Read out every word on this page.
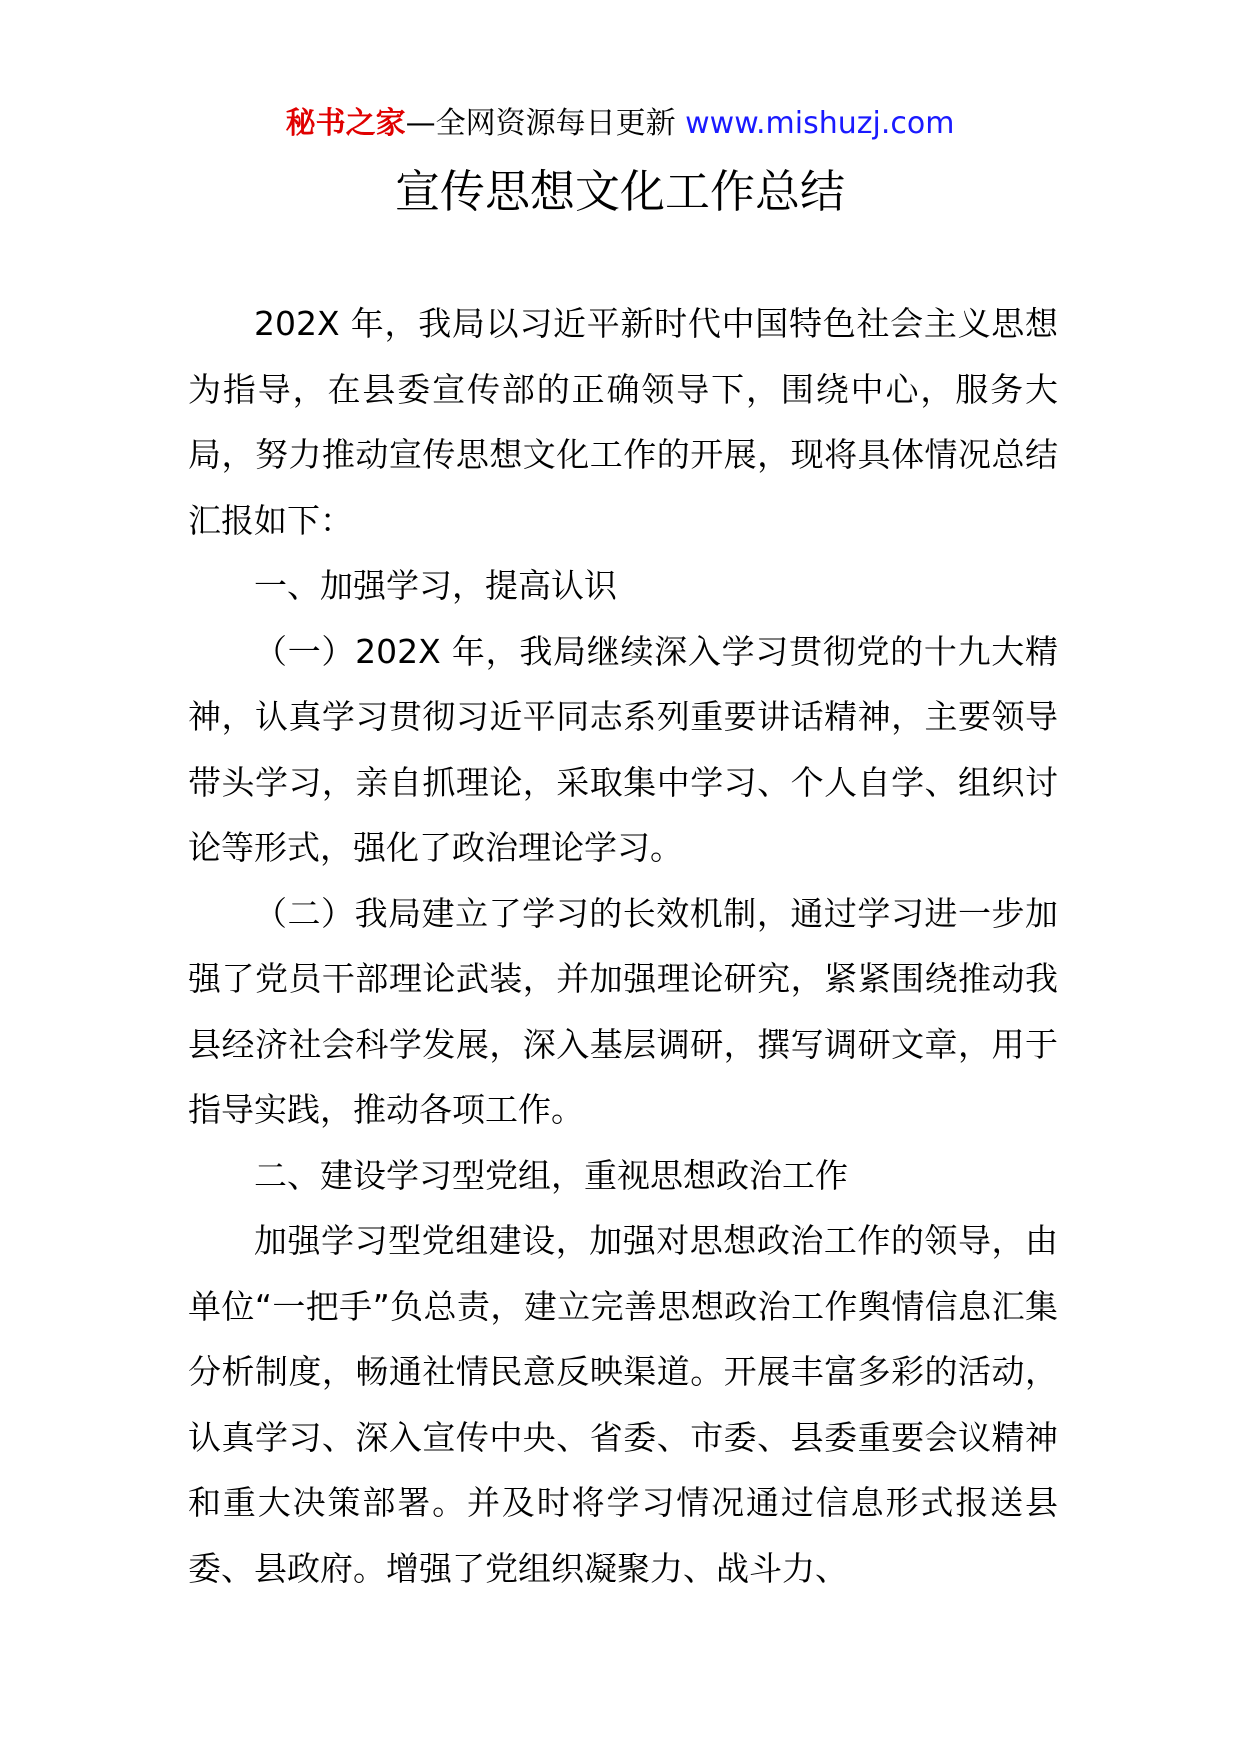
秘书之家—全网资源每日更新 www.mishuzj.com
宣传思想文化工作总结

202X 年，我局以习近平新时代中国特色社会主义思想为指导，在县委宣传部的正确领导下，围绕中心，服务大局，努力推动宣传思想文化工作的开展，现将具体情况总结汇报如下：

一、加强学习，提高认识

（一）202X 年，我局继续深入学习贯彻党的十九大精神，认真学习贯彻习近平同志系列重要讲话精神，主要领导带头学习，亲自抓理论，采取集中学习、个人自学、组织讨论等形式，强化了政治理论学习。

（二）我局建立了学习的长效机制，通过学习进一步加强了党员干部理论武装，并加强理论研究，紧紧围绕推动我县经济社会科学发展，深入基层调研，撰写调研文章，用于指导实践，推动各项工作。

二、建设学习型党组，重视思想政治工作

加强学习型党组建设，加强对思想政治工作的领导，由单位“一把手”负总责，建立完善思想政治工作舆情信息汇集分析制度，畅通社情民意反映渠道。开展丰富多彩的活动，认真学习、深入宣传中央、省委、市委、县委重要会议精神和重大决策部署。并及时将学习情况通过信息形式报送县委、县政府。增强了党组织凝聚力、战斗力、
